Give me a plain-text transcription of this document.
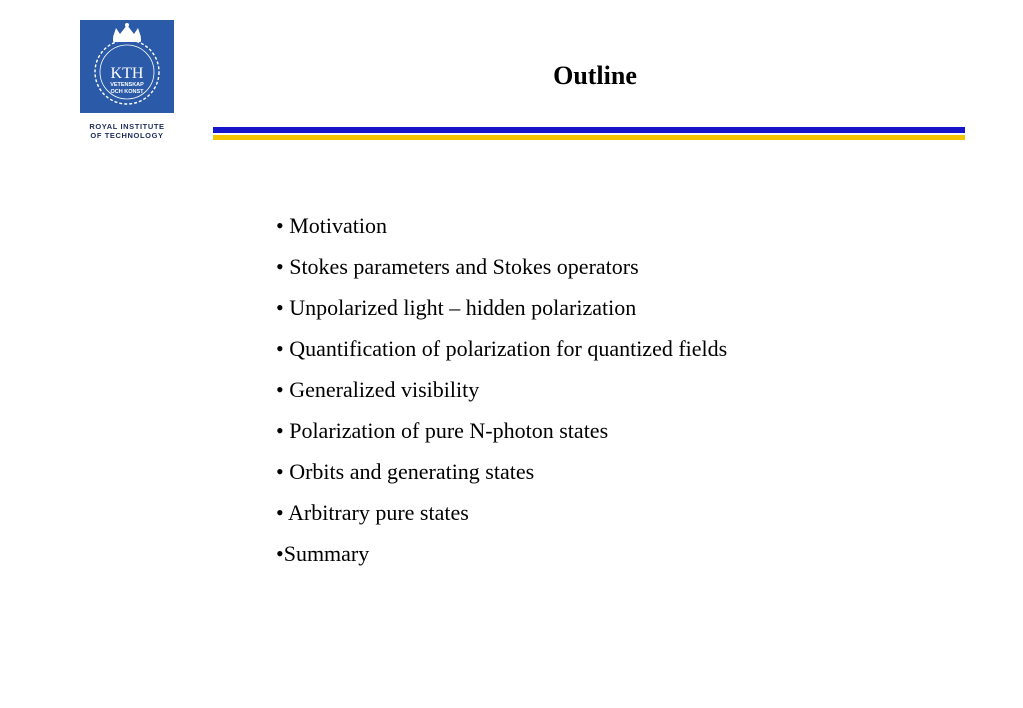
KTH
VETENSKAP
OCH KONST
ROYAL INSTITUTE
OF TECHNOLOGY
Outline
• Motivation
• Stokes parameters and Stokes operators
• Unpolarized light – hidden polarization
• Quantification of polarization for quantized fields
• Generalized visibility
• Polarization of pure N-photon states
• Orbits and generating states
• Arbitrary pure states
•Summary
